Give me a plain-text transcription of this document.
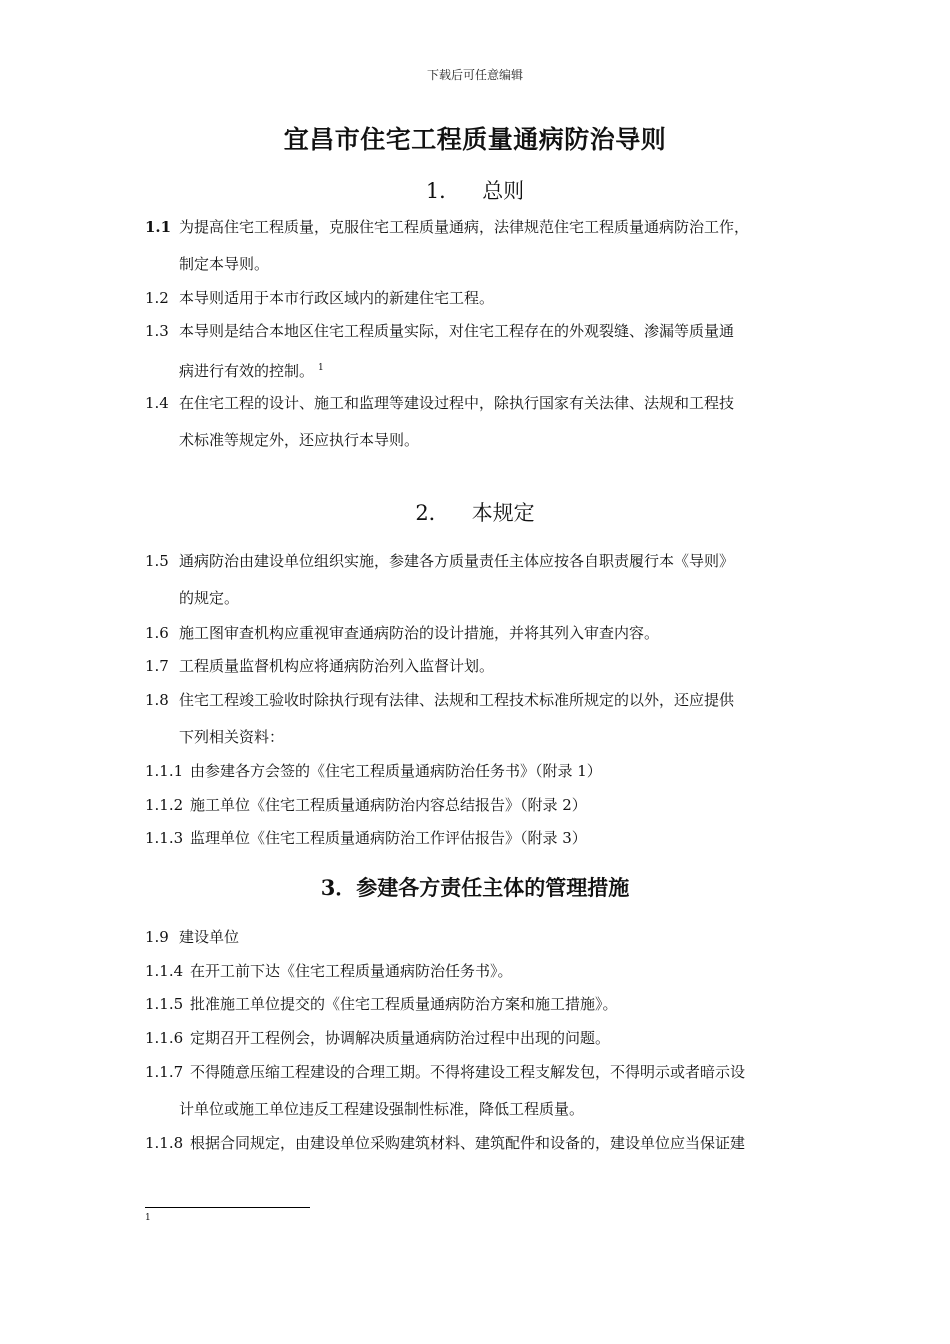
下载后可任意编辑
宜昌市住宅工程质量通病防治导则
1． 总则
1.1 为提高住宅工程质量，克服住宅工程质量通病，法律规范住宅工程质量通病防治工作，
制定本导则。
1.2 本导则适用于本市行政区域内的新建住宅工程。
1.3 本导则是结合本地区住宅工程质量实际，对住宅工程存在的外观裂缝、渗漏等质量通
病进行有效的控制。 $^1$
1.4 在住宅工程的设计、施工和监理等建设过程中，除执行国家有关法律、法规和工程技
术标准等规定外，还应执行本导则。
2． 本规定
1.5 通病防治由建设单位组织实施，参建各方质量责任主体应按各自职责履行本《导则》
的规定。
1.6 施工图审查机构应重视审查通病防治的设计措施，并将其列入审查内容。
1.7 工程质量监督机构应将通病防治列入监督计划。
1.8 住宅工程竣工验收时除执行现有法律、法规和工程技术标准所规定的以外，还应提供
下列相关资料：
1.1.1 由参建各方会签的《住宅工程质量通病防治任务书》（附录 1）
1.1.2 施工单位《住宅工程质量通病防治内容总结报告》（附录 2）
1.1.3 监理单位《住宅工程质量通病防治工作评估报告》（附录 3）
3．参建各方责任主体的管理措施
1.9 建设单位
1.1.4 在开工前下达《住宅工程质量通病防治任务书》。
1.1.5 批准施工单位提交的《住宅工程质量通病防治方案和施工措施》。
1.1.6 定期召开工程例会，协调解决质量通病防治过程中出现的问题。
1.1.7 不得随意压缩工程建设的合理工期。不得将建设工程支解发包，不得明示或者暗示设
计单位或施工单位违反工程建设强制性标准，降低工程质量。
1.1.8 根据合同规定，由建设单位采购建筑材料、建筑配件和设备的，建设单位应当保证建
1
